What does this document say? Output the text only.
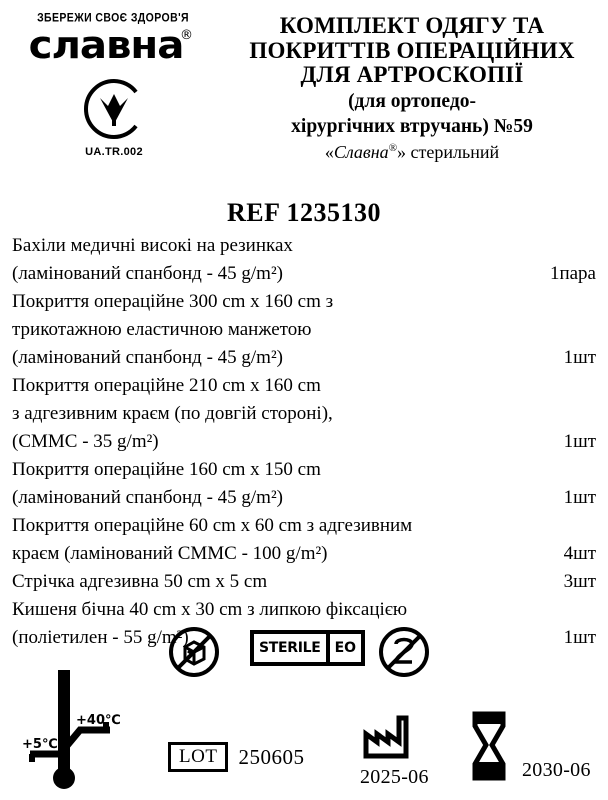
ЗБЕРЕЖИ СВОЄ ЗДОРОВ'Я
славна
®
UA.TR.002
КОМПЛЕКТ ОДЯГУ ТА
ПОКРИТТІВ ОПЕРАЦІЙНИХ
ДЛЯ АРТРОСКОПІЇ
(для ортопедо-
хірургічних втручань) №59
«Славна®» стерильний
REF 1235130
Бахіли медичні високі на резинках
(ламінований спанбонд - 45 g/m²)	1пара
Покриття операційне 300 cm х 160 cm з
трикотажною еластичною манжетою
(ламінований спанбонд - 45 g/m²)	1шт
Покриття операційне 210 cm х 160 cm
з адгезивним краєм (по довгій стороні),
(СММС - 35 g/m²)	1шт
Покриття операційне 160 cm х 150 cm
(ламінований спанбонд - 45 g/m²)	1шт
Покриття операційне 60 cm х 60 cm з адгезивним
краєм (ламінований СММС - 100 g/m²)	4шт
Стрічка адгезивна 50 cm х 5 cm	3шт
Кишеня бічна 40 cm х 30 cm з липкою фіксацією
(поліетилен - 55 g/m²)	1шт
STERILE	EO
+40℃
+5℃
LOT	250605
2025-06	2030-06
